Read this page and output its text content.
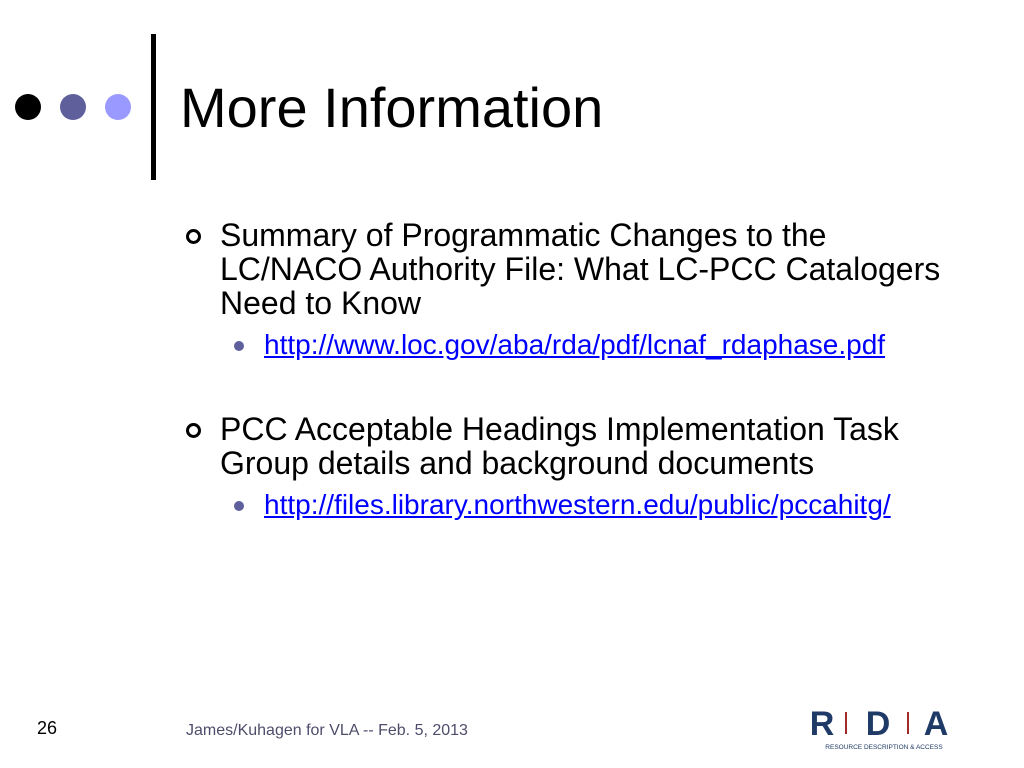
More Information
Summary of Programmatic Changes to the LC/NACO Authority File: What LC-PCC Catalogers Need to Know
http://www.loc.gov/aba/rda/pdf/lcnaf_rdaphase.pdf
PCC Acceptable Headings Implementation Task Group details and background documents
http://files.library.northwestern.edu/public/pccahitg/
26	James/Kuhagen for VLA -- Feb. 5, 2013	R D A
RESOURCE DESCRIPTION & ACCESS
